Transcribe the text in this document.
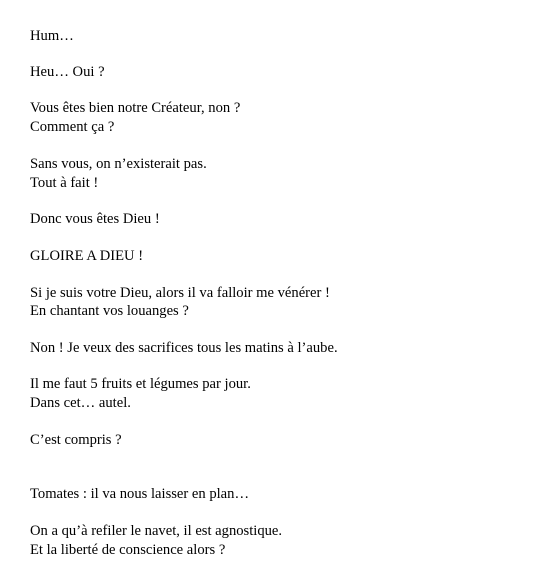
Hum…
Heu… Oui ?
Vous êtes bien notre Créateur, non ?
Comment ça ?
Sans vous, on n’existerait pas.
Tout à fait !
Donc vous êtes Dieu !
GLOIRE A DIEU !
Si je suis votre Dieu, alors il va falloir me vénérer !
En chantant vos louanges ?
Non ! Je veux des sacrifices tous les matins à l’aube.
Il me faut 5 fruits et légumes par jour.
Dans cet… autel.
C’est compris ?
Tomates : il va nous laisser en plan…
On a qu’à refiler le navet, il est agnostique.
Et la liberté de conscience alors ?
